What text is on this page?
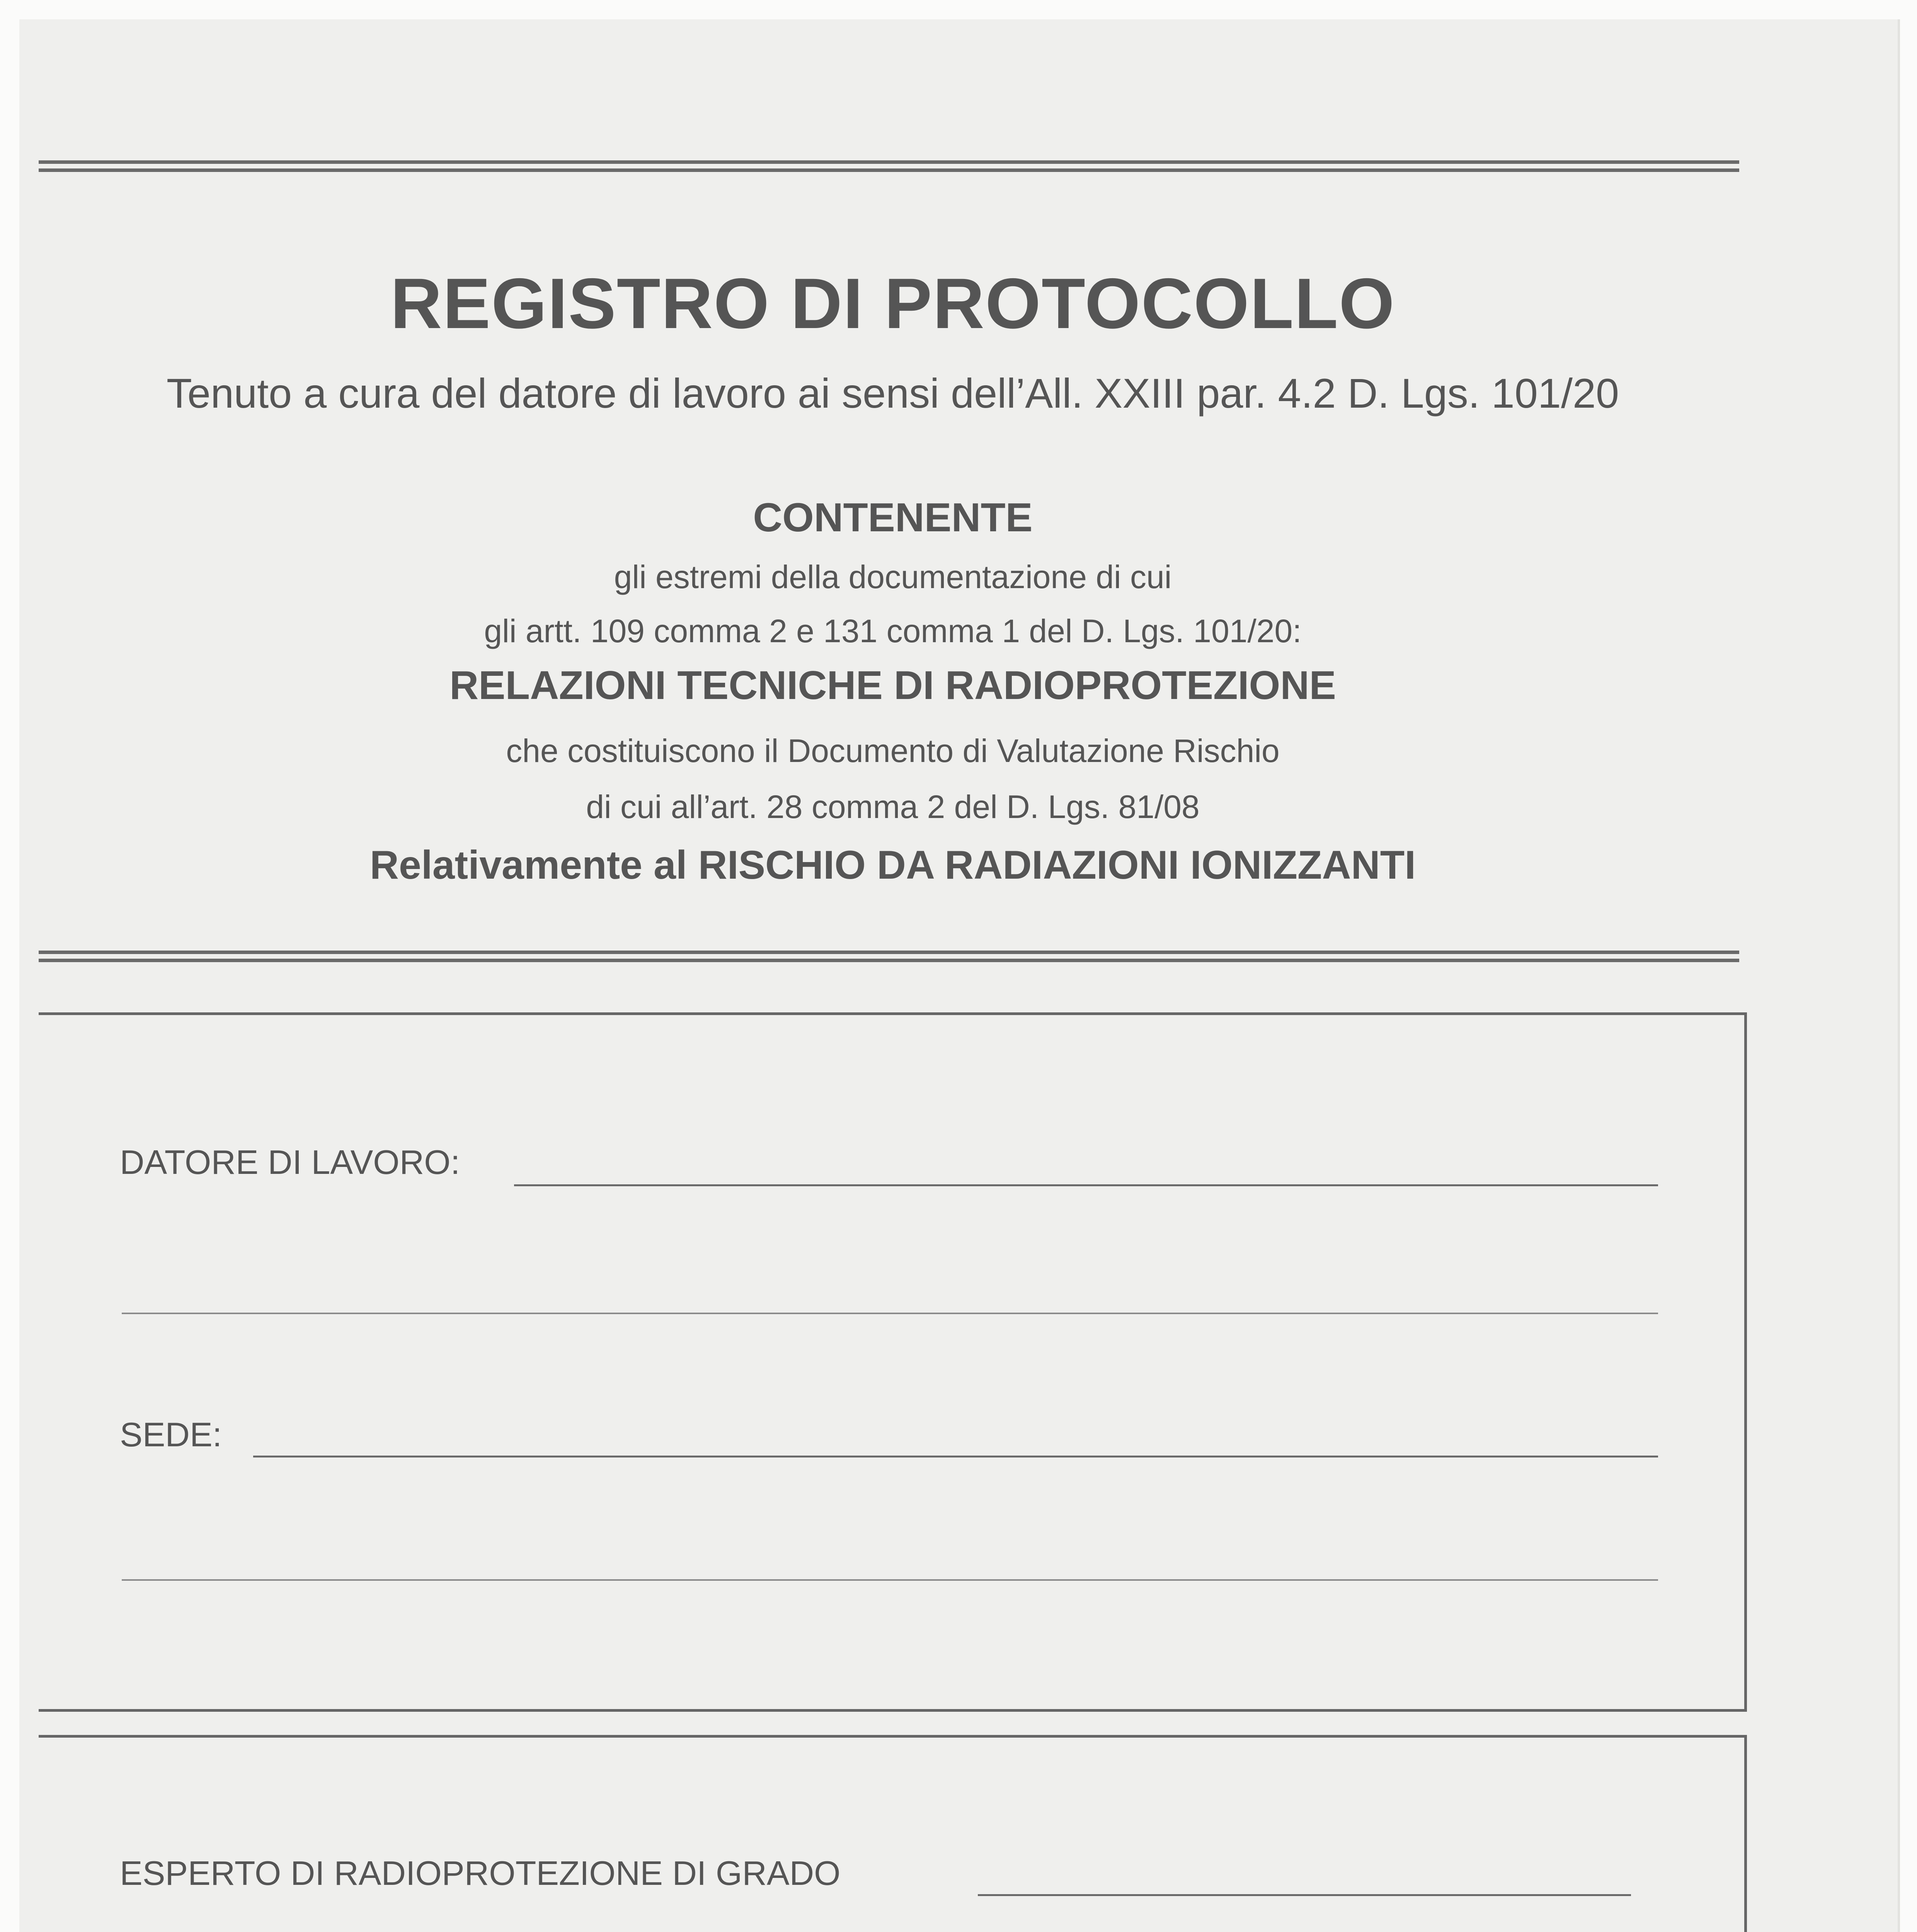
REGISTRO DI PROTOCOLLO
Tenuto a cura del datore di lavoro ai sensi dell’All. XXIII par. 4.2 D. Lgs. 101/20
CONTENENTE
gli estremi della documentazione di cui
gli artt. 109 comma 2 e 131 comma 1 del D. Lgs. 101/20:
RELAZIONI TECNICHE DI RADIOPROTEZIONE
che costituiscono il Documento di Valutazione Rischio
di cui all’art. 28 comma 2 del D. Lgs. 81/08
Relativamente al RISCHIO DA RADIAZIONI IONIZZANTI
DATORE DI LAVORO:
SEDE:
ESPERTO DI RADIOPROTEZIONE DI GRADO
